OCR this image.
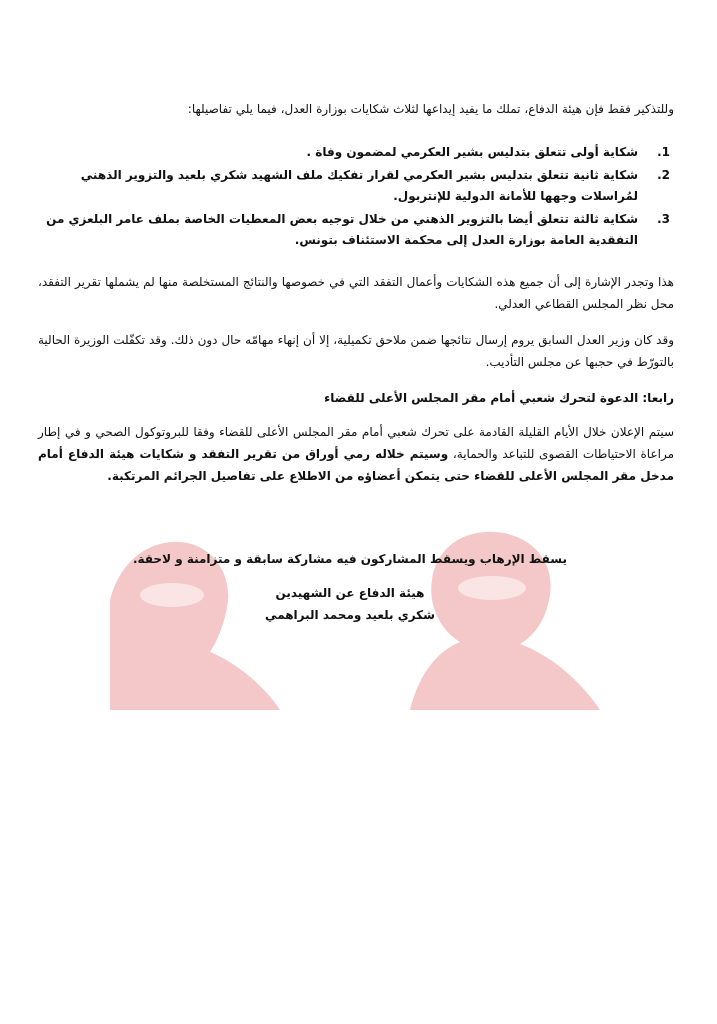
وللتذكير فقط فإن هيئة الدفاع، تملك ما يفيد إيداعها لثلاث شكايات بوزارة العدل، فيما يلي تفاصيلها:

1.
شكاية أولى تتعلق بتدليس بشير العكرمي لمضمون وفاة .
2.
شكاية ثانية تتعلق بتدليس بشير العكرمي لقرار تفكيك ملف الشهيد شكري بلعيد والتزوير الذهني لمُراسلات وجهها للأمانة الدولية للإنتربول.
3.
شكاية ثالثة تتعلق أيضا بالتزوير الذهني من خلال توجيه بعض المعطيات الخاصة بملف عامر البلعزي من التفقدية العامة بوزارة العدل إلى محكمة الاستئناف بتونس.

هذا وتجدر الإشارة إلى أن جميع هذه الشكايات وأعمال التفقد التي في خصوصها والنتائج المستخلصة منها لم يشملها تقرير التفقد، محل نظر المجلس القطاعي العدلي.

وقد كان وزير العدل السابق يروم إرسال نتائجها ضمن ملاحق تكميلية، إلا أن إنهاء مهامّه حال دون ذلك. وقد تكفّلت الوزيرة الحالية بالتورّط في حجبها عن مجلس التأديب.

رابعا: الدعوة لتحرك شعبي أمام مقر المجلس الأعلى للقضاء

سيتم الإعلان خلال الأيام القليلة القادمة على تحرك شعبي أمام مقر المجلس الأعلى للقضاء وفقا للبروتوكول الصحي و في إطار مراعاة الاحتياطات القصوى للتباعد والحماية، وسيتم خلاله رمي أوراق من تقرير التفقد و شكايات هيئة الدفاع أمام مدخل مقر المجلس الأعلى للقضاء حتى يتمكن أعضاؤه من الاطلاع على تفاصيل الجرائم المرتكبة.

يسقط الإرهاب ويسقط المشاركون فيه مشاركة سابقة و متزامنة و لاحقة.
هيئة الدفاع عن الشهيدين
شكري بلعيد ومحمد البراهمي
